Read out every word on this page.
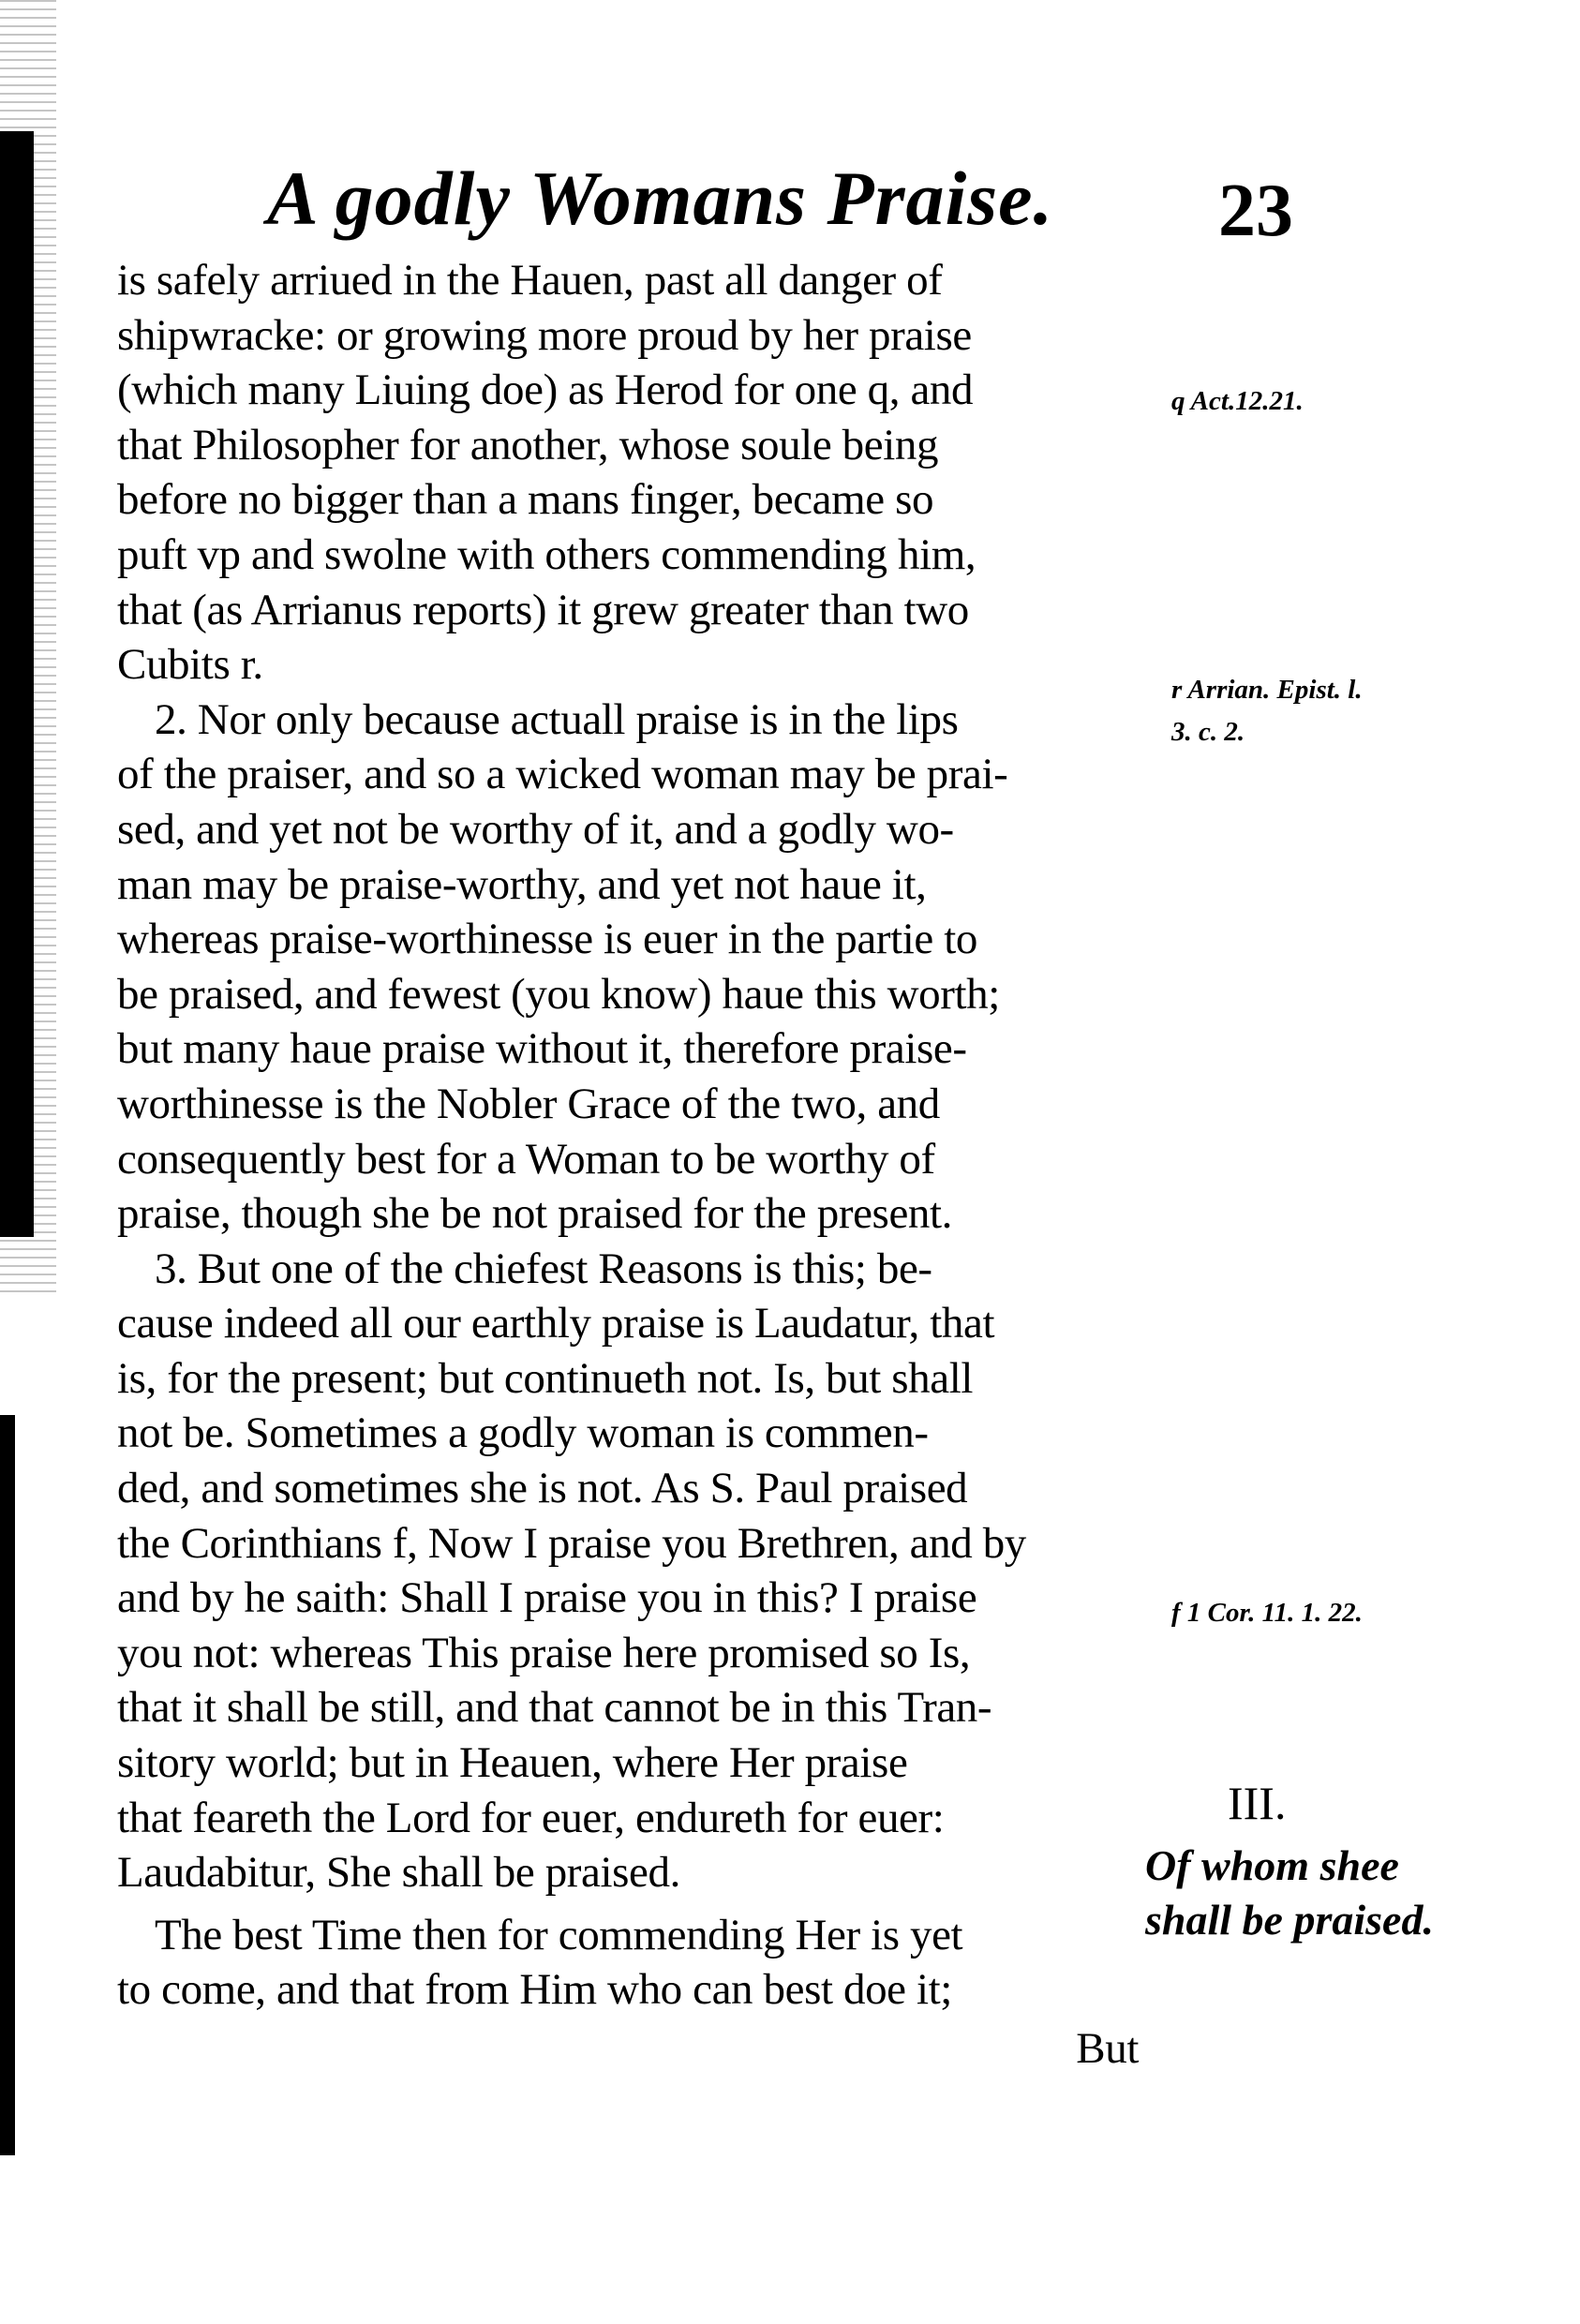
A godly Womans Praise. 23
is safely arriued in the Hauen, past all danger of
shipwracke: or growing more proud by her praise
(which many Liuing doe) as Herod for one q, and
that Philosopher for another, whose soule being
before no bigger than a mans finger, became so
puft vp and swolne with others commending him,
that (as Arrianus reports) it grew greater than two
Cubits r.
2. Nor only because actuall praise is in the lips
of the praiser, and so a wicked woman may be prai-
sed, and yet not be worthy of it, and a godly wo-
man may be praise-worthy, and yet not haue it,
whereas praise-worthinesse is euer in the partie to
be praised, and fewest (you know) haue this worth;
but many haue praise without it, therefore praise-
worthinesse is the Nobler Grace of the two, and
consequently best for a Woman to be worthy of
praise, though she be not praised for the present.
3. But one of the chiefest Reasons is this; be-
cause indeed all our earthly praise is Laudatur, that
is, for the present; but continueth not. Is, but shall
not be. Sometimes a godly woman is commen-
ded, and sometimes she is not. As S. Paul praised
the Corinthians f, Now I praise you Brethren, and by
and by he saith: Shall I praise you in this? I praise
you not: whereas This praise here promised so Is,
that it shall be still, and that cannot be in this Tran-
sitory world; but in Heauen, where Her praise
that feareth the Lord for euer, endureth for euer:
Laudabitur, She shall be praised.
The best Time then for commending Her is yet
to come, and that from Him who can best doe it;
But
q Act.12.21.
r Arrian. Epist. l.
3. c. 2.
f 1 Cor. 11. 1. 22.
III.
Of whom shee
shall be praised.
